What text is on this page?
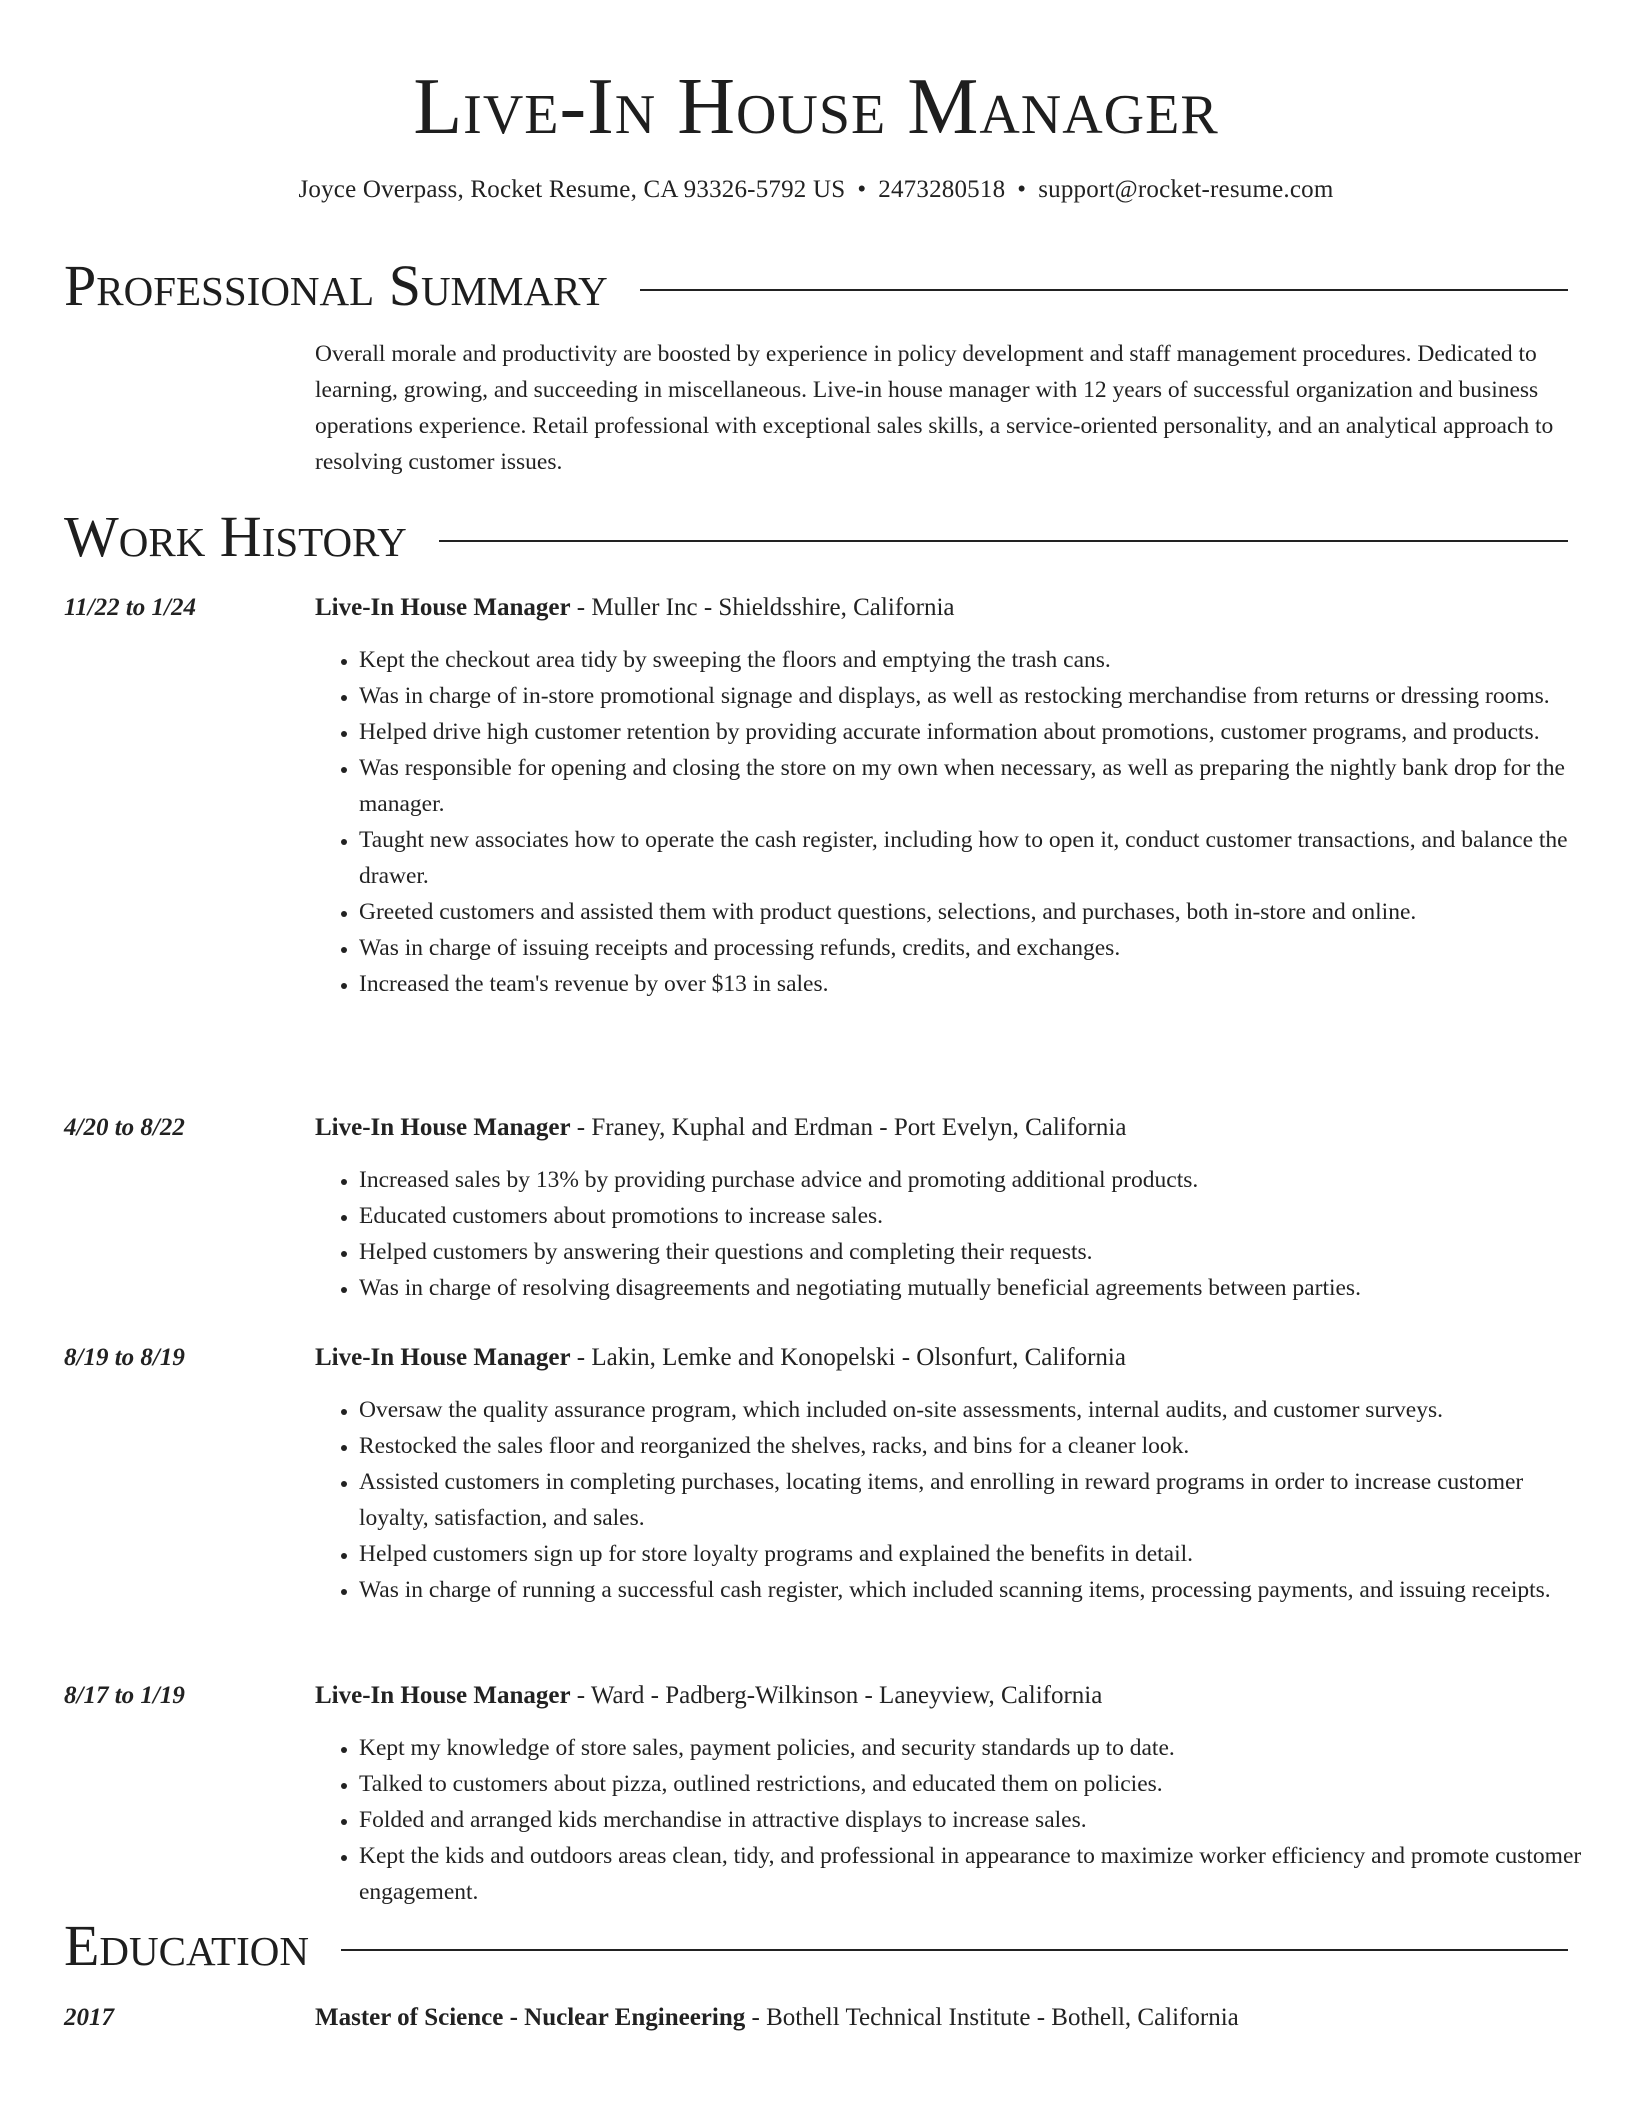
Live-In House Manager
Joyce Overpass, Rocket Resume, CA 93326-5792 US • 2473280518 • support@rocket-resume.com
Professional Summary
Overall morale and productivity are boosted by experience in policy development and staff management procedures. Dedicated to learning, growing, and succeeding in miscellaneous. Live-in house manager with 12 years of successful organization and business operations experience. Retail professional with exceptional sales skills, a service-oriented personality, and an analytical approach to resolving customer issues.
Work History
11/22 to 1/24	Live-In House Manager - Muller Inc - Shieldsshire, California
• Kept the checkout area tidy by sweeping the floors and emptying the trash cans.
• Was in charge of in-store promotional signage and displays, as well as restocking merchandise from returns or dressing rooms.
• Helped drive high customer retention by providing accurate information about promotions, customer programs, and products.
• Was responsible for opening and closing the store on my own when necessary, as well as preparing the nightly bank drop for the manager.
• Taught new associates how to operate the cash register, including how to open it, conduct customer transactions, and balance the drawer.
• Greeted customers and assisted them with product questions, selections, and purchases, both in-store and online.
• Was in charge of issuing receipts and processing refunds, credits, and exchanges.
• Increased the team's revenue by over $13 in sales.
4/20 to 8/22	Live-In House Manager - Franey, Kuphal and Erdman - Port Evelyn, California
• Increased sales by 13% by providing purchase advice and promoting additional products.
• Educated customers about promotions to increase sales.
• Helped customers by answering their questions and completing their requests.
• Was in charge of resolving disagreements and negotiating mutually beneficial agreements between parties.
8/19 to 8/19	Live-In House Manager - Lakin, Lemke and Konopelski - Olsonfurt, California
• Oversaw the quality assurance program, which included on-site assessments, internal audits, and customer surveys.
• Restocked the sales floor and reorganized the shelves, racks, and bins for a cleaner look.
• Assisted customers in completing purchases, locating items, and enrolling in reward programs in order to increase customer loyalty, satisfaction, and sales.
• Helped customers sign up for store loyalty programs and explained the benefits in detail.
• Was in charge of running a successful cash register, which included scanning items, processing payments, and issuing receipts.
8/17 to 1/19	Live-In House Manager - Ward - Padberg-Wilkinson - Laneyview, California
• Kept my knowledge of store sales, payment policies, and security standards up to date.
• Talked to customers about pizza, outlined restrictions, and educated them on policies.
• Folded and arranged kids merchandise in attractive displays to increase sales.
• Kept the kids and outdoors areas clean, tidy, and professional in appearance to maximize worker efficiency and promote customer engagement.
Education
2017	Master of Science - Nuclear Engineering - Bothell Technical Institute - Bothell, California
